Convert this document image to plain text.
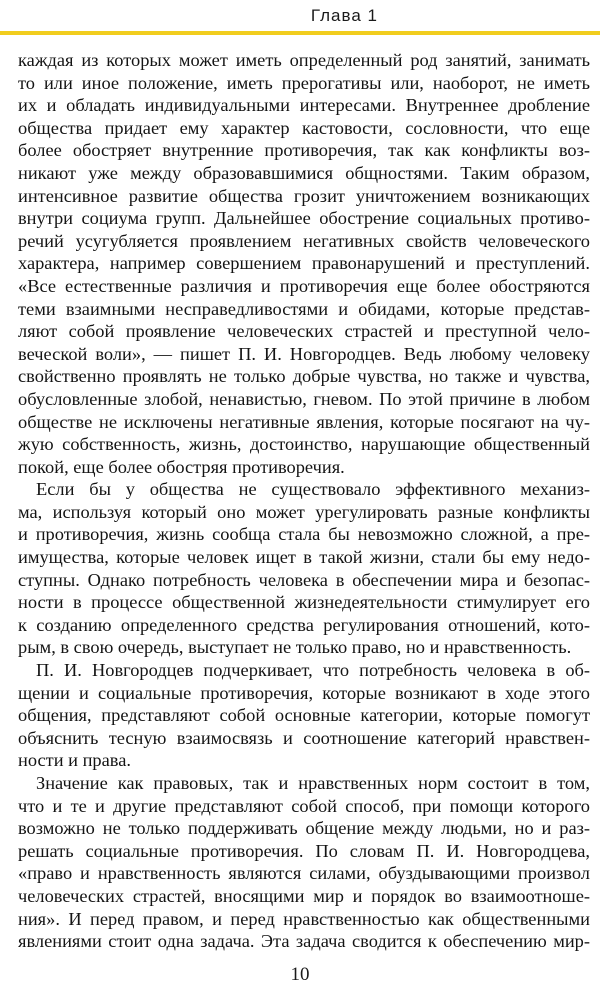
Глава 1
каждая из которых может иметь определенный род занятий, занимать
то или иное положение, иметь прерогативы или, наоборот, не иметь
их и обладать индивидуальными интересами. Внутреннее дробление
общества придает ему характер кастовости, сословности, что еще
более обостряет внутренние противоречия, так как конфликты воз-
никают уже между образовавшимися общностями. Таким образом,
интенсивное развитие общества грозит уничтожением возникающих
внутри социума групп. Дальнейшее обострение социальных противо-
речий усугубляется проявлением негативных свойств человеческого
характера, например совершением правонарушений и преступлений.
«Все естественные различия и противоречия еще более обостряются
теми взаимными несправедливостями и обидами, которые представ-
ляют собой проявление человеческих страстей и преступной чело-
веческой воли», — пишет П. И. Новгородцев. Ведь любому человеку
свойственно проявлять не только добрые чувства, но также и чувства,
обусловленные злобой, ненавистью, гневом. По этой причине в любом
обществе не исключены негативные явления, которые посягают на чу-
жую собственность, жизнь, достоинство, нарушающие общественный
покой, еще более обостряя противоречия.
Если бы у общества не существовало эффективного механиз-
ма, используя который оно может урегулировать разные конфликты
и противоречия, жизнь сообща стала бы невозможно сложной, а пре-
имущества, которые человек ищет в такой жизни, стали бы ему недо-
ступны. Однако потребность человека в обеспечении мира и безопас-
ности в процессе общественной жизнедеятельности стимулирует его
к созданию определенного средства регулирования отношений, кото-
рым, в свою очередь, выступает не только право, но и нравственность.
П. И. Новгородцев подчеркивает, что потребность человека в об-
щении и социальные противоречия, которые возникают в ходе этого
общения, представляют собой основные категории, которые помогут
объяснить тесную взаимосвязь и соотношение категорий нравствен-
ности и права.
Значение как правовых, так и нравственных норм состоит в том,
что и те и другие представляют собой способ, при помощи которого
возможно не только поддерживать общение между людьми, но и раз-
решать социальные противоречия. По словам П. И. Новгородцева,
«право и нравственность являются силами, обуздывающими произвол
человеческих страстей, вносящими мир и порядок во взаимоотноше-
ния». И перед правом, и перед нравственностью как общественными
явлениями стоит одна задача. Эта задача сводится к обеспечению мир-
10
